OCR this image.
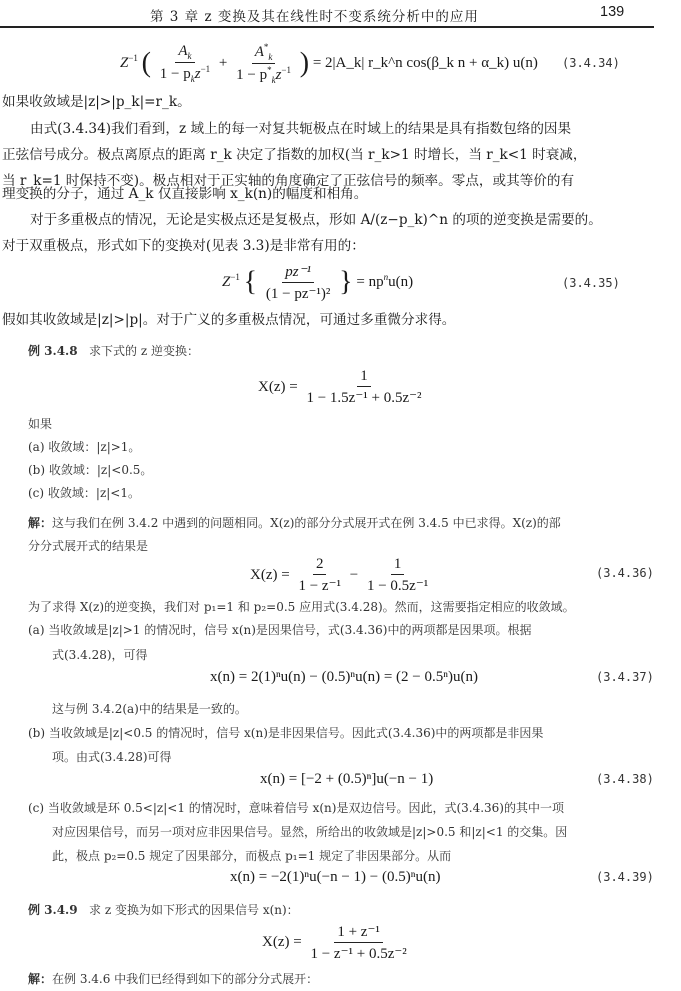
第 3 章 z 变换及其在线性时不变系统分析中的应用	139
$Z^{-1}$ ( $\frac{A_k}{1 - p_kz^{-1}} + \frac{A^*_k}{1 - p^*_kz^{-1}}$ ) = 2|A_k| r_k^n cos(β_k n + α_k) u(n) (3.4.34)
如果收敛域是|z|>|p_k|=r_k。
由式(3.4.34)我们看到，z 域上的每一对复共轭极点在时域上的结果是具有指数包络的因果
正弦信号成分。极点离原点的距离 r_k 决定了指数的加权(当 r_k>1 时增长，当 r_k<1 时衰减，
当 r_k=1 时保持不变)。极点相对于正实轴的角度确定了正弦信号的频率。零点，或其等价的有
理变换的分子，通过 A_k 仅直接影响 x_k(n)的幅度和相角。
对于多重极点的情况，无论是实极点还是复极点，形如 A/(z−p_k)^n 的项的逆变换是需要的。
对于双重极点，形式如下的变换对(见表 3.3)是非常有用的：
$Z^{-1}$ { $\frac{\text{pz⁻¹}}{\text{(1 − pz⁻¹)²}}$ } = $np^nu(n)$	(3.4.35)
假如其收敛域是|z|>|p|。对于广义的多重极点情况，可通过多重微分求得。
例 3.4.8 求下式的 z 逆变换：
$X(z) = \frac{1}{\text{1 − 1.5z⁻¹ + 0.5z⁻²}}$
如果
(a) 收敛域：|z|>1。
(b) 收敛域：|z|<0.5。
(c) 收敛域：|z|<1。
解：这与我们在例 3.4.2 中遇到的问题相同。X(z)的部分分式展开式在例 3.4.5 中已求得。X(z)的部
分分式展开式的结果是
$X(z) = \frac{2}{\text{1 − z⁻¹}} - \frac{1}{\text{1 − 0.5z⁻¹}}$	(3.4.36)
为了求得 X(z)的逆变换，我们对 p₁=1 和 p₂=0.5 应用式(3.4.28)。然而，这需要指定相应的收敛域。
(a) 当收敛域是|z|>1 的情况时，信号 x(n)是因果信号，式(3.4.36)中的两项都是因果项。根据
式(3.4.28)，可得
x(n) = 2(1)ⁿu(n) − (0.5)ⁿu(n) = (2 − 0.5ⁿ)u(n)	(3.4.37)
这与例 3.4.2(a)中的结果是一致的。
(b) 当收敛域是|z|<0.5 的情况时，信号 x(n)是非因果信号。因此式(3.4.36)中的两项都是非因果
项。由式(3.4.28)可得
x(n) = [−2 + (0.5)ⁿ]u(−n − 1)	(3.4.38)
(c) 当收敛域是环 0.5<|z|<1 的情况时，意味着信号 x(n)是双边信号。因此，式(3.4.36)的其中一项
对应因果信号，而另一项对应非因果信号。显然，所给出的收敛域是|z|>0.5 和|z|<1 的交集。因
此，极点 p₂=0.5 规定了因果部分，而极点 p₁=1 规定了非因果部分。从而
x(n) = −2(1)ⁿu(−n − 1) − (0.5)ⁿu(n)	(3.4.39)
例 3.4.9 求 z 变换为如下形式的因果信号 x(n)：
$X(z) = \frac{\text{1 + z⁻¹}}{\text{1 − z⁻¹ + 0.5z⁻²}}$
解：在例 3.4.6 中我们已经得到如下的部分分式展开：
